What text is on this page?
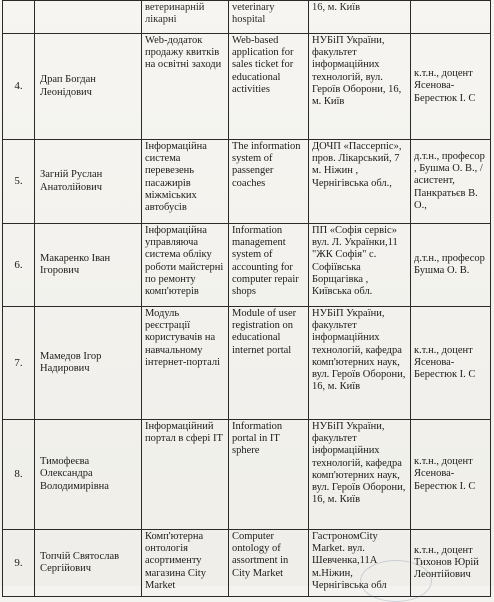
		ветеринарній лікарні	veterinary hospital	16, м. Київ	
4.	Драп Богдан Леонідович	Web-додаток продажу квитків на освітні заходи	Web-based application for sales ticket for educational activities	НУБіП України, факультет інформаційних технологій, вул. Героїв Оборони, 16, м. Київ	к.т.н., доцент Ясенова-Берестюк І. С
5.	Загній Руслан Анатолійович	Інформаційна система перевезень пасажирів міжміських автобусів	The information system of passenger coaches	ДОЧП «Пассерпіс», пров. Лікарський, 7 м. Ніжин , Чернігівська обл.,	д.т.н., професор , Бушма О. В., / асистент, Панкратьєв В. О.,
6.	Макаренко Іван Ігорович	Інформаційна управляюча система обліку роботи майстерні по ремонту комп'ютерів	Information management system of accounting for computer repair shops	ПП «Софія сервіс» вул. Л. Українки,11 "ЖК Софія" с. Софіївська Борщагівка , Київська обл.	д.т.н., професор Бушма О. В.
7.	Мамедов Ігор Надирович	Модуль реєстрації користувачів на навчальному інтернет-порталі	Module of user registration on educational internet portal	НУБіП України, факультет інформаційних технологій, кафедра комп'ютерних наук, вул. Героїв Оборони, 16, м. Київ	к.т.н., доцент Ясенова-Берестюк І. С
8.	Тимофеєва Олександра Володимирівна	Інформаційний портал в сфері ІТ	Information portal in IT sphere	НУБіП України, факультет інформаційних технологій, кафедра комп'ютерних наук, вул. Героїв Оборони, 16, м. Київ	к.т.н., доцент Ясенова-Берестюк І. С
9.	Топчій Святослав Сергійович	Комп'ютерна онтологія асортименту магазина City Market	Computer ontology of assortment in City Market	ГастрономCity Market. вул. Шевченка,11А м.Ніжин, Чернігівська обл	к.т.н., доцент Тихонов Юрій Леонтійович
